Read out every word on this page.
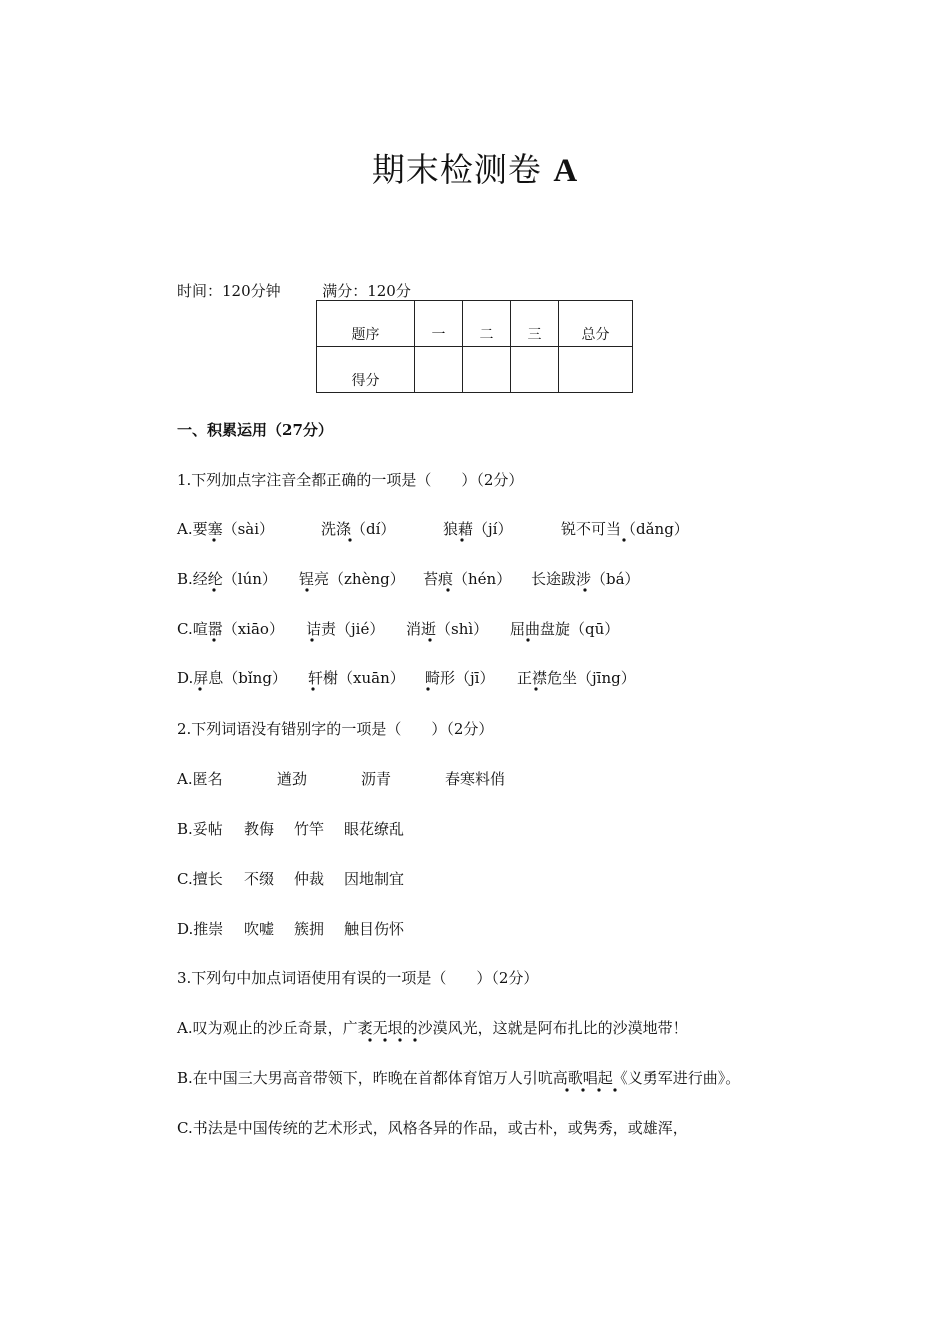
期末检测卷 A
时间：120分钟	满分：120分
题序	一	二	三	总分
得分				
一、积累运用（27分）
1.下列加点字注音全都正确的一项是（　　）（2分）
A.要塞（sài）	洗涤（dí）	狼藉（jí）	锐不可当（dǎng）
B.经纶（lún） 锃亮（zhèng） 苔痕（hén） 长途跋涉（bá）
C.喧嚣（xiāo） 诘责（jié） 消逝（shì） 屈曲盘旋（qū）
D.屏息（bǐng） 轩榭（xuān） 畸形（jī） 正襟危坐（jīng）
2.下列词语没有错别字的一项是（　　）（2分）
A.匿名	遒劲	沥青	春寒料俏
B.妥帖 教侮 竹竿 眼花缭乱
C.擅长 不缀 仲裁 因地制宜
D.推崇 吹嘘 簇拥 触目伤怀
3.下列句中加点词语使用有误的一项是（　　）（2分）
A.叹为观止的沙丘奇景，广袤无垠的沙漠风光，这就是阿布扎比的沙漠地带！
B.在中国三大男高音带领下，昨晚在首都体育馆万人引吭高歌唱起《义勇军进行曲》。
C.书法是中国传统的艺术形式，风格各异的作品，或古朴，或隽秀，或雄浑，
